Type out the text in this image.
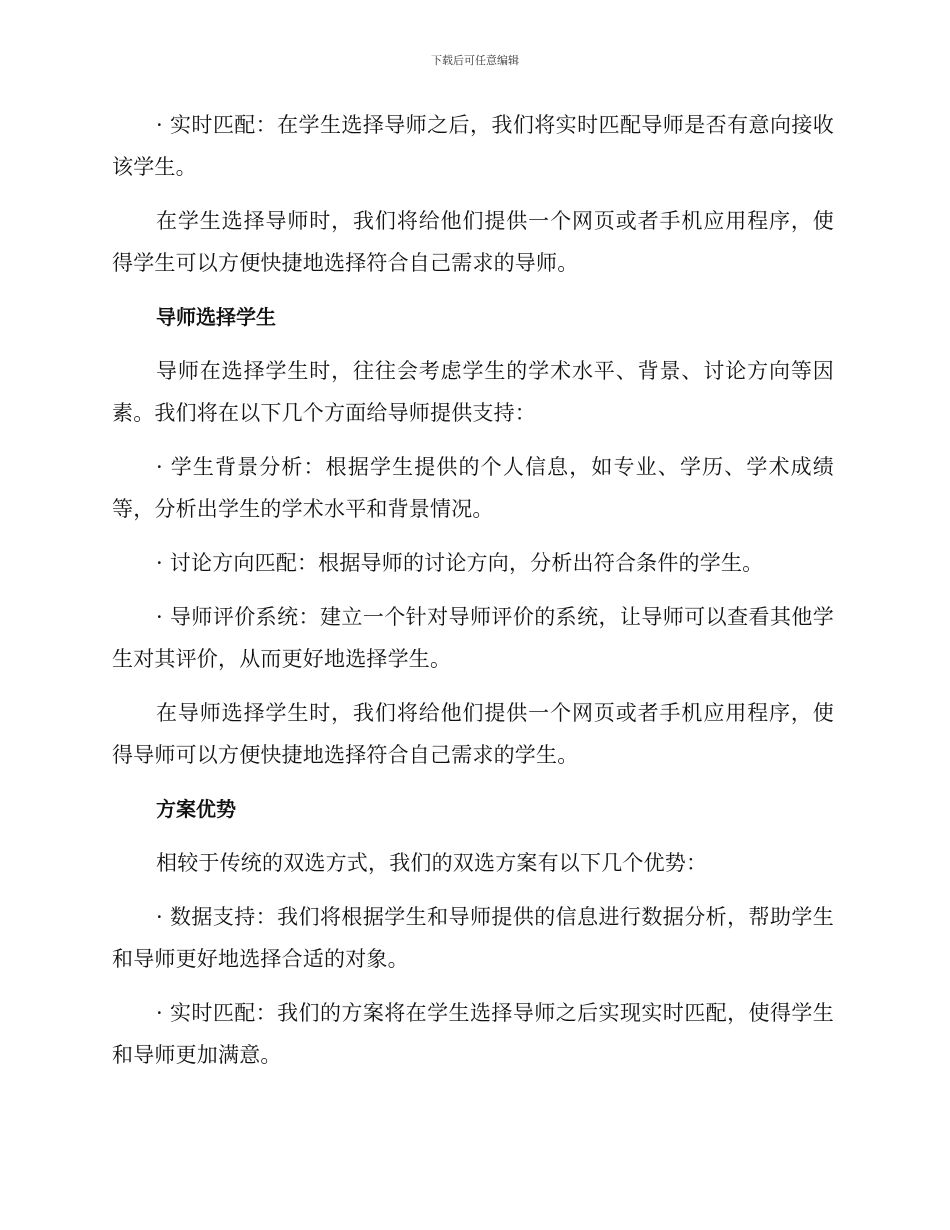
下载后可任意编辑

· 实时匹配：在学生选择导师之后，我们将实时匹配导师是否有意向接收该学生。

在学生选择导师时，我们将给他们提供一个网页或者手机应用程序，使得学生可以方便快捷地选择符合自己需求的导师。

导师选择学生

导师在选择学生时，往往会考虑学生的学术水平、背景、讨论方向等因素。我们将在以下几个方面给导师提供支持：

· 学生背景分析：根据学生提供的个人信息，如专业、学历、学术成绩等，分析出学生的学术水平和背景情况。

· 讨论方向匹配：根据导师的讨论方向，分析出符合条件的学生。

· 导师评价系统：建立一个针对导师评价的系统，让导师可以查看其他学生对其评价，从而更好地选择学生。

在导师选择学生时，我们将给他们提供一个网页或者手机应用程序，使得导师可以方便快捷地选择符合自己需求的学生。

方案优势

相较于传统的双选方式，我们的双选方案有以下几个优势：

· 数据支持：我们将根据学生和导师提供的信息进行数据分析，帮助学生和导师更好地选择合适的对象。

· 实时匹配：我们的方案将在学生选择导师之后实现实时匹配，使得学生和导师更加满意。
